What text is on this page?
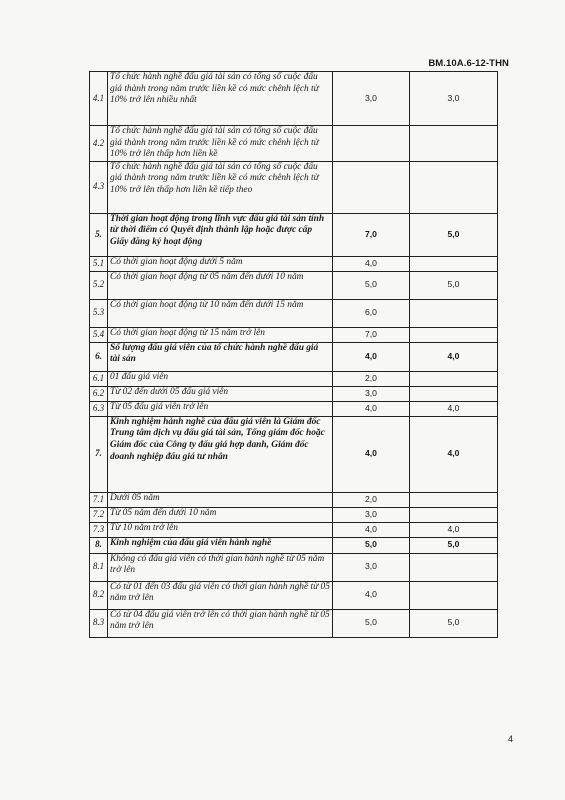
BM.10A.6-12-THN
4.1	Tổ chức hành nghề đấu giá tài sản có tổng số cuộc đấu giá thành trong năm trước liền kề có mức chênh lệch từ 10% trở lên nhiều nhất	3,0	3,0
4.2	Tổ chức hành nghề đấu giá tài sản có tổng số cuộc đấu giá thành trong năm trước liền kề có mức chênh lệch từ 10% trở lên thấp hơn liền kề		
4.3	Tổ chức hành nghề đấu giá tài sản có tổng số cuộc đấu giá thành trong năm trước liền kề có mức chênh lệch từ 10% trở lên thấp hơn liền kề tiếp theo		
5.	Thời gian hoạt động trong lĩnh vực đấu giá tài sản tính từ thời điểm có Quyết định thành lập hoặc được cấp Giấy đăng ký hoạt động	7,0	5,0
5.1	Có thời gian hoạt động dưới 5 năm	4,0	
5.2	Có thời gian hoạt động từ 05 năm đến dưới 10 năm	5,0	5,0
5.3	Có thời gian hoạt động từ 10 năm đến dưới 15 năm	6,0	
5.4	Có thời gian hoạt động từ 15 năm trở lên	7,0	
6.	Số lượng đấu giá viên của tổ chức hành nghề đấu giá tài sản	4,0	4,0
6.1	01 đấu giá viên	2,0	
6.2	Từ 02 đến dưới 05 đấu giá viên	3,0	
6.3	Từ 05 đấu giá viên trở lên	4,0	4,0
7.	Kinh nghiệm hành nghề của đấu giá viên là Giám đốc Trung tâm dịch vụ đấu giá tài sản, Tổng giám đốc hoặc Giám đốc của Công ty đấu giá hợp danh, Giám đốc doanh nghiệp đấu giá tư nhân	4,0	4,0
7.1	Dưới 05 năm	2,0	
7.2	Từ 05 năm đến dưới 10 năm	3,0	
7.3	Từ 10 năm trở lên	4,0	4,0
8.	Kinh nghiệm của đấu giá viên hành nghề	5,0	5,0
8.1	Không có đấu giá viên có thời gian hành nghề từ 05 năm trở lên	3,0	
8.2	Có từ 01 đến 03 đấu giá viên có thời gian hành nghề từ 05 năm trở lên	4,0	
8.3	Có từ 04 đấu giá viên trở lên có thời gian hành nghề từ 05 năm trở lên	5,0	5,0
4
